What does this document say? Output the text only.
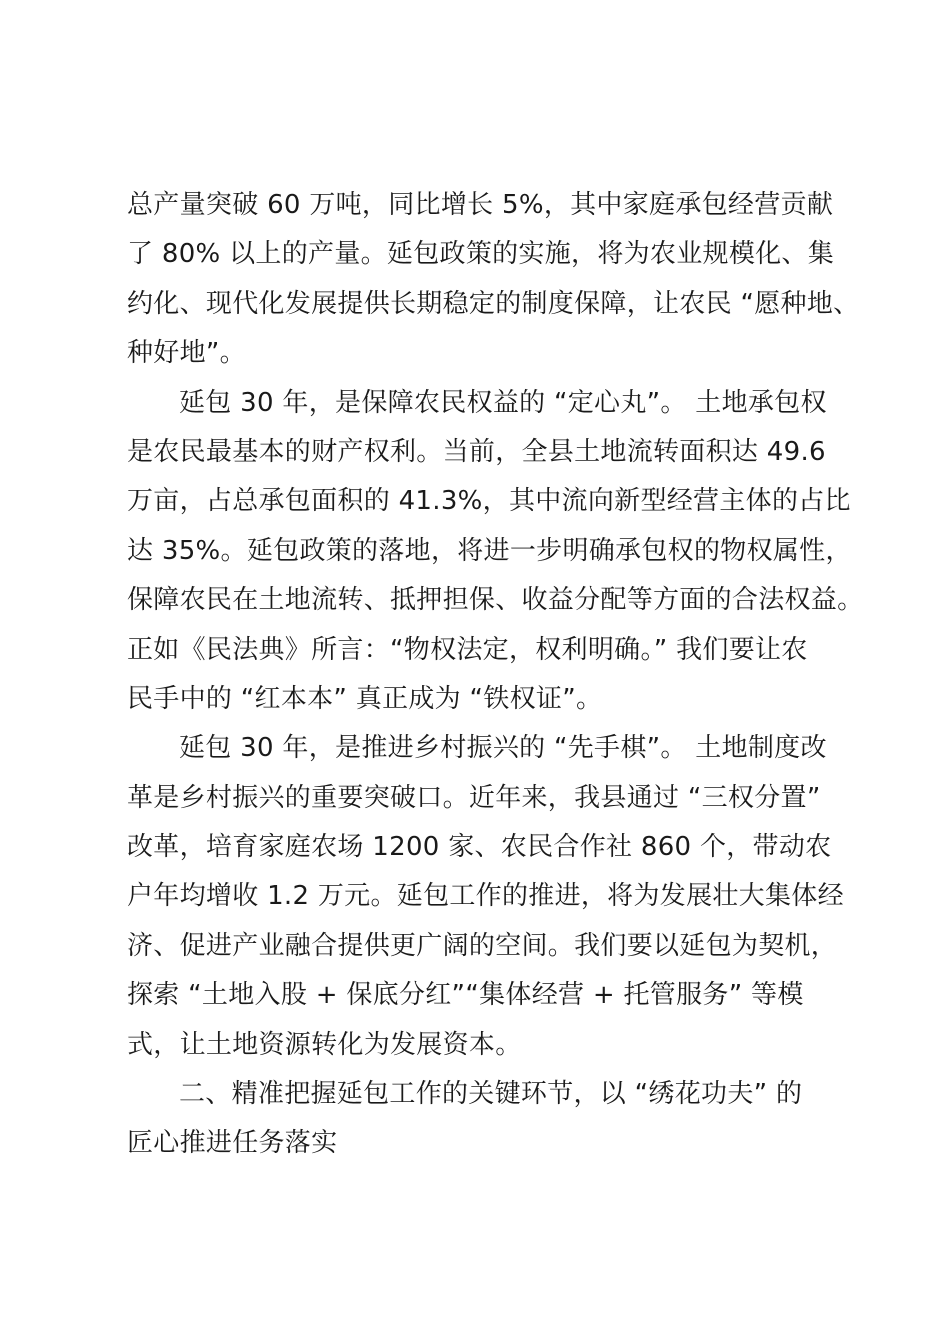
总产量突破 60 万吨，同比增长 5%，其中家庭承包经营贡献
了 80% 以上的产量。延包政策的实施，将为农业规模化、集
约化、现代化发展提供长期稳定的制度保障，让农民 “愿种地、
种好地”。
延包 30 年，是保障农民权益的 “定心丸”。 土地承包权
是农民最基本的财产权利。当前，全县土地流转面积达 49.6
万亩，占总承包面积的 41.3%，其中流向新型经营主体的占比
达 35%。延包政策的落地，将进一步明确承包权的物权属性，
保障农民在土地流转、抵押担保、收益分配等方面的合法权益。
正如《民法典》所言：“物权法定，权利明确。” 我们要让农
民手中的 “红本本” 真正成为 “铁权证”。
延包 30 年，是推进乡村振兴的 “先手棋”。 土地制度改
革是乡村振兴的重要突破口。近年来，我县通过 “三权分置”
改革，培育家庭农场 1200 家、农民合作社 860 个，带动农
户年均增收 1.2 万元。延包工作的推进，将为发展壮大集体经
济、促进产业融合提供更广阔的空间。我们要以延包为契机，
探索 “土地入股 + 保底分红”“集体经营 + 托管服务” 等模
式，让土地资源转化为发展资本。
二、精准把握延包工作的关键环节，以 “绣花功夫” 的
匠心推进任务落实
